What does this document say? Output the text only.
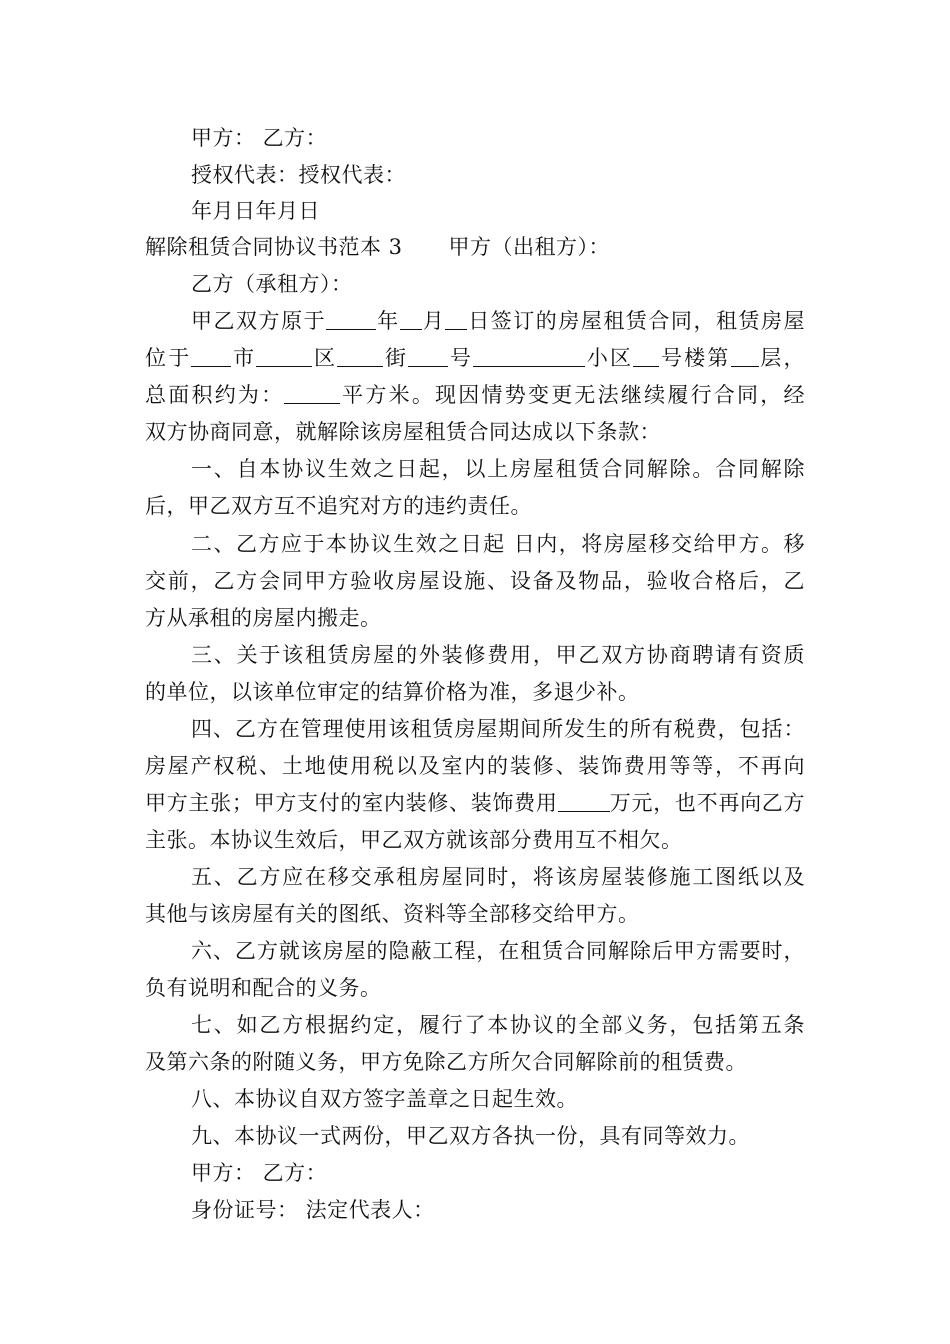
甲方： 乙方：
授权代表：授权代表：
年月日年月日
解除租赁合同协议书范本 3 甲方（出租方）：
乙方（承租方）：
甲乙双方原于 年 月 日签订的房屋租赁合同，租赁房屋
位于 市	区 街 号	小区 号楼第 层，
总面积约为：	平方米。现因情势变更无法继续履行合同，经
双方协商同意，就解除该房屋租赁合同达成以下条款：
一、自本协议生效之日起，以上房屋租赁合同解除。合同解除
后，甲乙双方互不追究对方的违约责任。
二、乙方应于本协议生效之日起 日内，将房屋移交给甲方。移
交前，乙方会同甲方验收房屋设施、设备及物品，验收合格后，乙
方从承租的房屋内搬走。
三、关于该租赁房屋的外装修费用，甲乙双方协商聘请有资质
的单位，以该单位审定的结算价格为准，多退少补。
四、乙方在管理使用该租赁房屋期间所发生的所有税费，包括：
房屋产权税、土地使用税以及室内的装修、装饰费用等等，不再向
甲方主张；甲方支付的室内装修、装饰费用 万元，也不再向乙方
主张。本协议生效后，甲乙双方就该部分费用互不相欠。
五、乙方应在移交承租房屋同时，将该房屋装修施工图纸以及
其他与该房屋有关的图纸、资料等全部移交给甲方。
六、乙方就该房屋的隐蔽工程，在租赁合同解除后甲方需要时，
负有说明和配合的义务。
七、如乙方根据约定，履行了本协议的全部义务，包括第五条
及第六条的附随义务，甲方免除乙方所欠合同解除前的租赁费。
八、本协议自双方签字盖章之日起生效。
九、本协议一式两份，甲乙双方各执一份，具有同等效力。
甲方： 乙方：
身份证号： 法定代表人：
